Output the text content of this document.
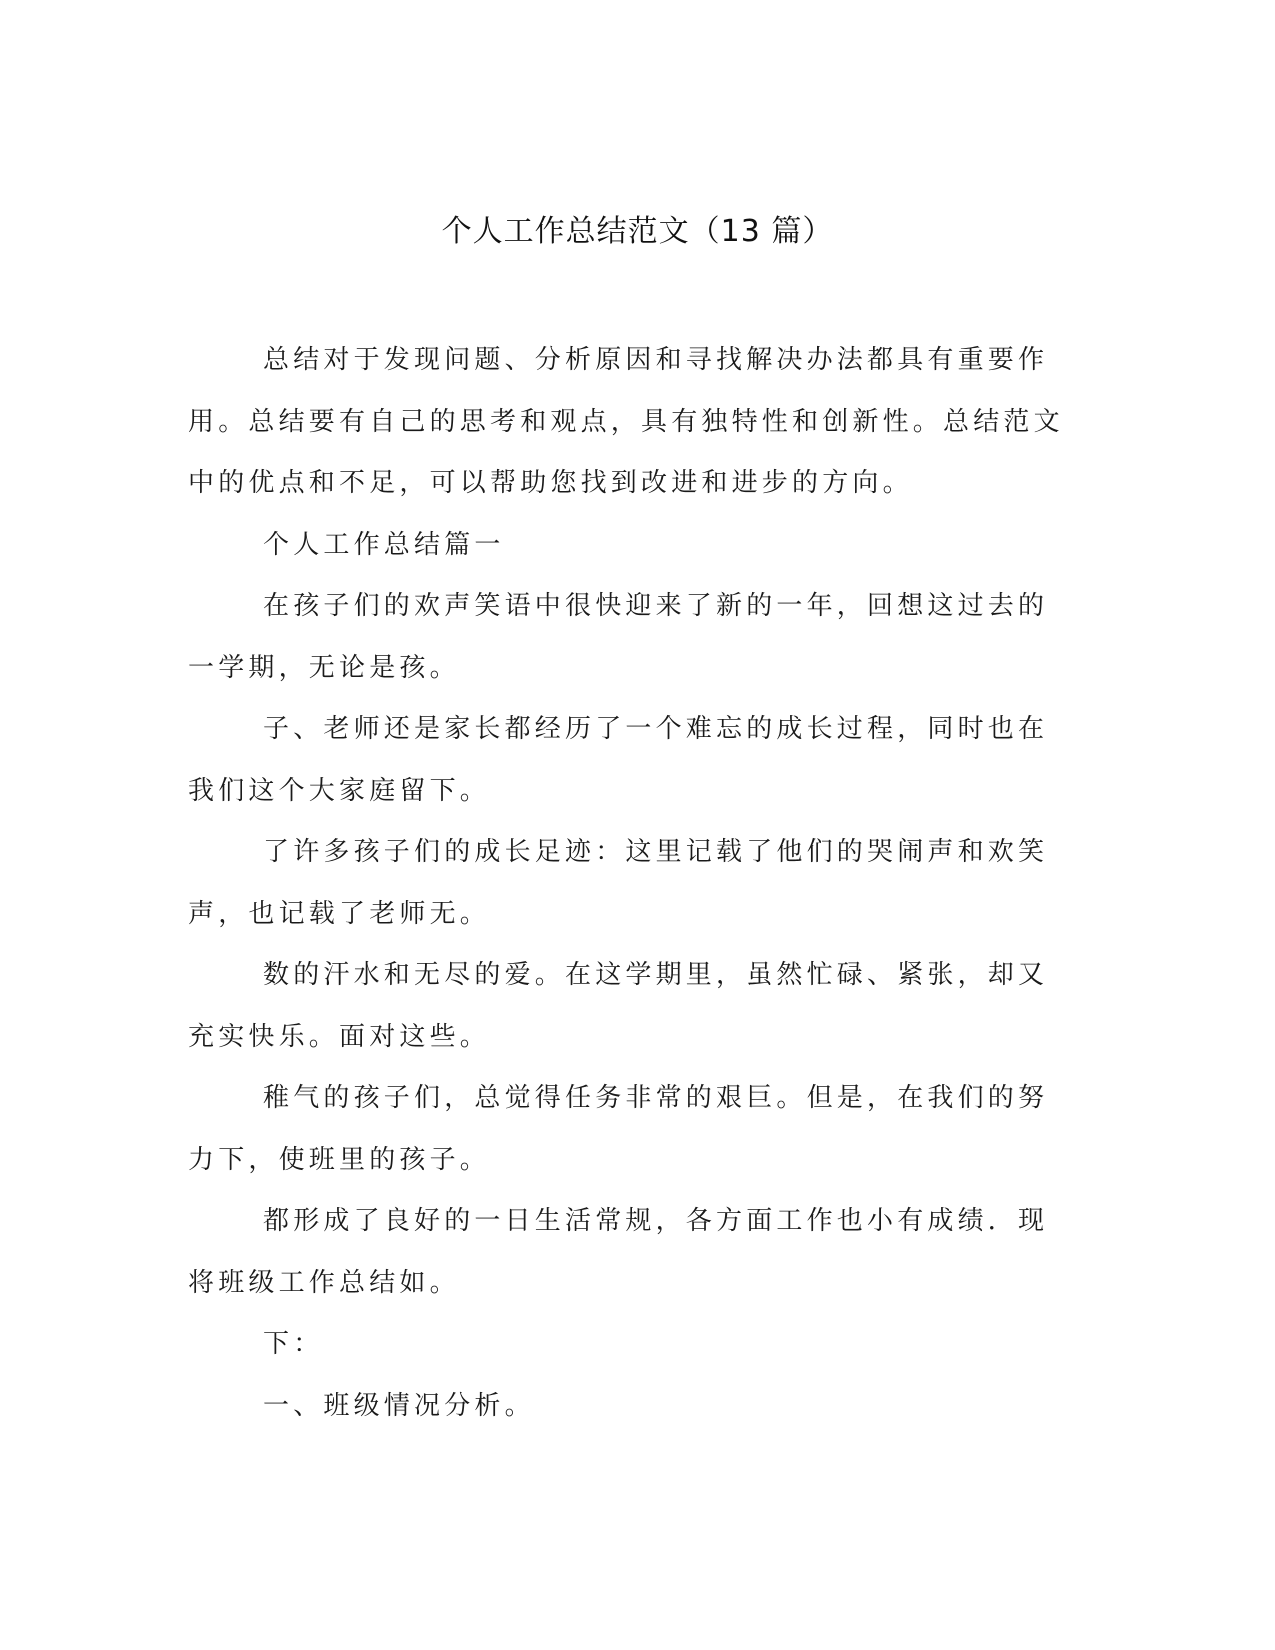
个人工作总结范文（13 篇）

总结对于发现问题、分析原因和寻找解决办法都具有重要作用。总结要有自己的思考和观点，具有独特性和创新性。总结范文中的优点和不足，可以帮助您找到改进和进步的方向。

个人工作总结篇一

在孩子们的欢声笑语中很快迎来了新的一年，回想这过去的一学期，无论是孩。

子、老师还是家长都经历了一个难忘的成长过程，同时也在我们这个大家庭留下。

了许多孩子们的成长足迹：这里记载了他们的哭闹声和欢笑声，也记载了老师无。

数的汗水和无尽的爱。在这学期里，虽然忙碌、紧张，却又充实快乐。面对这些。

稚气的孩子们，总觉得任务非常的艰巨。但是，在我们的努力下，使班里的孩子。

都形成了良好的一日生活常规，各方面工作也小有成绩．现将班级工作总结如。

下：

一、班级情况分析。
